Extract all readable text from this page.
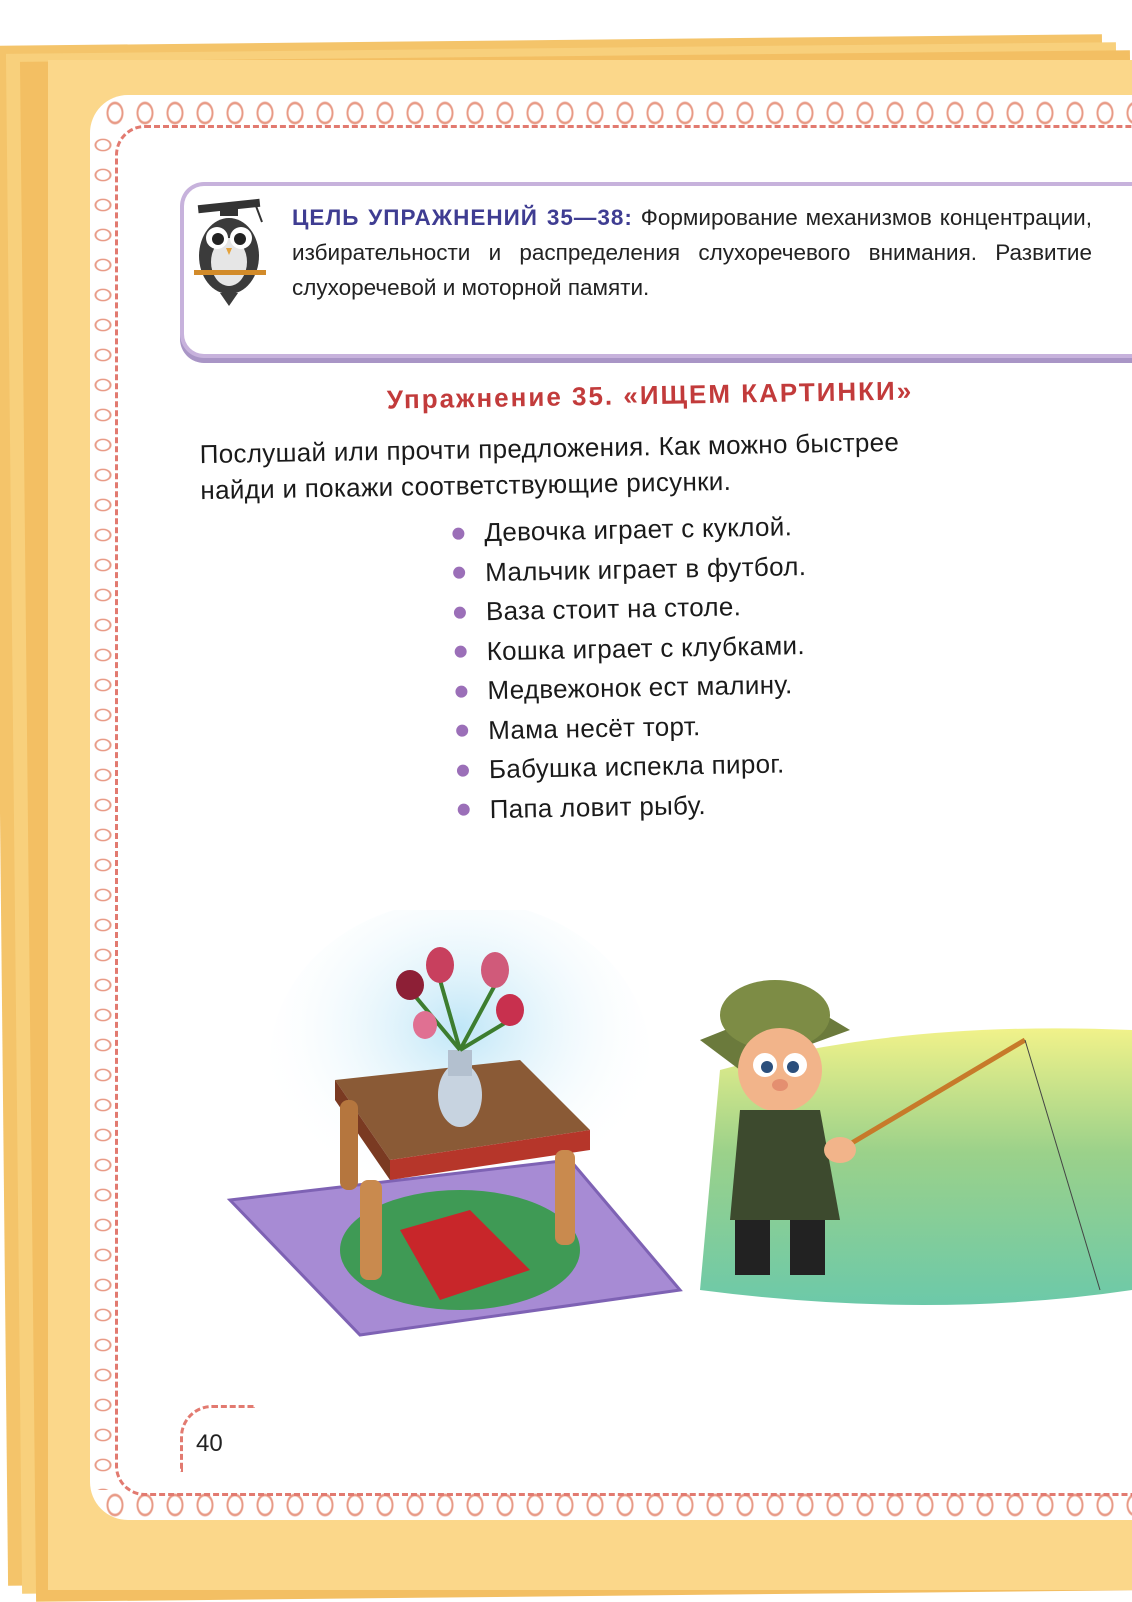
ЦЕЛЬ УПРАЖНЕНИЙ 35—38: Формирование механизмов концентрации, избирательности и распределения слухоречевого внимания. Развитие слухоречевой и моторной памяти.
Упражнение 35. «ИЩЕМ КАРТИНКИ»
Послушай или прочти предложения. Как можно быстрее
найди и покажи соответствующие рисунки.
Девочка играет с куклой.
Мальчик играет в футбол.
Ваза стоит на столе.
Кошка играет с клубками.
Медвежонок ест малину.
Мама несёт торт.
Бабушка испекла пирог.
Папа ловит рыбу.
40
